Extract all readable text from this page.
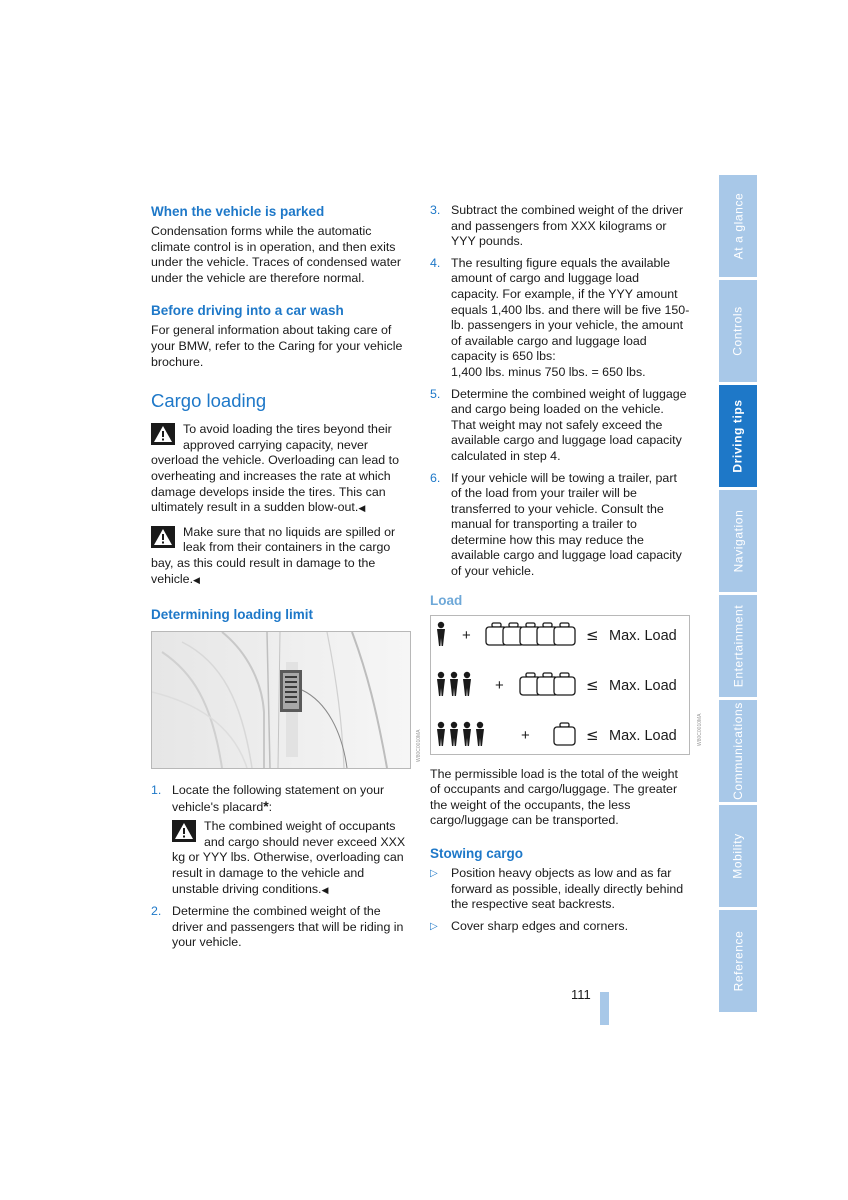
When the vehicle is parked

Condensation forms while the automatic climate control is in operation, and then exits under the vehicle. Traces of condensed water under the vehicle are therefore normal.

Before driving into a car wash

For general information about taking care of your BMW, refer to the Caring for your vehicle brochure.

Cargo loading
To avoid loading the tires beyond their approved carrying capacity, never overload the vehicle. Overloading can lead to overheating and increases the rate at which damage develops inside the tires. This can ultimately result in a sudden blow-out.◀
Make sure that no liquids are spilled or leak from their containers in the cargo bay, as this could result in damage to the vehicle.◀
Determining loading limit
W80C0010MA
1. Locate the following statement on your vehicle's placard*:
The combined weight of occupants and cargo should never exceed XXX kg or YYY lbs. Otherwise, overloading can result in damage to the vehicle and unstable driving conditions.◀
2. Determine the combined weight of the driver and passengers that will be riding in your vehicle.
3. Subtract the combined weight of the driver and passengers from XXX kilograms or YYY pounds.
4. The resulting figure equals the available amount of cargo and luggage load capacity. For example, if the YYY amount equals 1,400 lbs. and there will be five 150-lb. passengers in your vehicle, the amount of available cargo and luggage load capacity is 650 lbs:
1,400 lbs. minus 750 lbs. = 650 lbs.
5. Determine the combined weight of luggage and cargo being loaded on the vehicle. That weight may not safely exceed the available cargo and luggage load capacity calculated in step 4.
6. If your vehicle will be towing a trailer, part of the load from your trailer will be transferred to your vehicle. Consult the manual for transporting a trailer to determine how this may reduce the available cargo and luggage load capacity of your vehicle.
Load
+	≤ Max. Load
+	≤ Max. Load
+	≤ Max. Load	W80C0010MA

The permissible load is the total of the weight of occupants and cargo/luggage. The greater the weight of the occupants, the less cargo/luggage can be transported.

Stowing cargo
▷ Position heavy objects as low and as far forward as possible, ideally directly behind the respective seat backrests.
▷ Cover sharp edges and corners.
111
At a glance
Controls
Driving tips
Navigation
Entertainment
Communications
Mobility
Reference
